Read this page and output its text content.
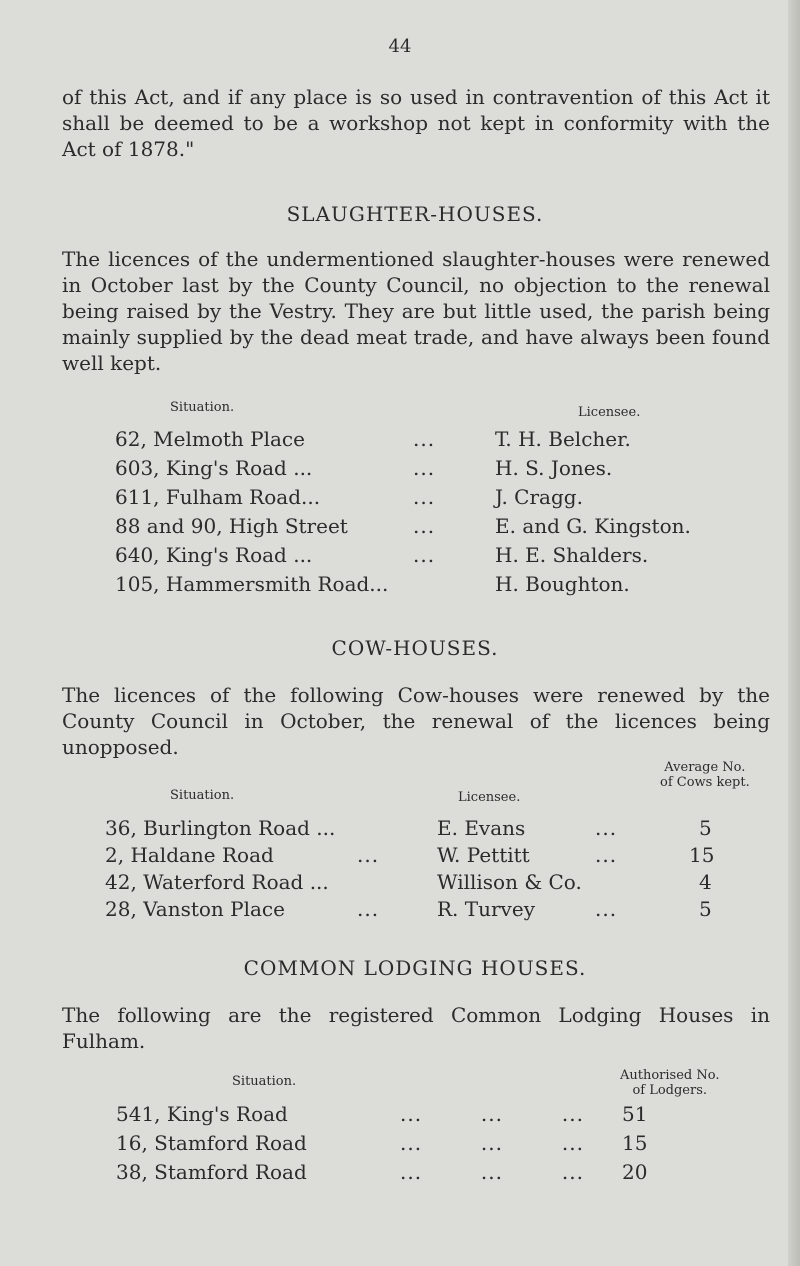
44

of this Act, and if any place is so used in contravention of this Act it shall be deemed to be a workshop not kept in conformity with the Act of 1878."

SLAUGHTER-HOUSES.

The licences of the undermentioned slaughter-houses were renewed in October last by the County Council, no objection to the renewal being raised by the Vestry. They are but little used, the parish being mainly supplied by the dead meat trade, and have always been found well kept.

Situation.	Licensee.
62, Melmoth Place	...	T. H. Belcher.
603, King's Road ...	...	H. S. Jones.
611, Fulham Road...	...	J. Cragg.
88 and 90, High Street	...	E. and G. Kingston.
640, King's Road ...	...	H. E. Shalders.
105, Hammersmith Road...	H. Boughton.
COW-HOUSES.

The licences of the following Cow-houses were renewed by the County Council in October, the renewal of the licences being unopposed.

Situation.	Licensee.
Average No.
of Cows kept.
36, Burlington Road ...	E. Evans	...	5
2, Haldane Road	...	W. Pettitt	...	15
42, Waterford Road ...	Willison & Co.	4
28, Vanston Place	...	R. Turvey	...	5
COMMON LODGING HOUSES.

The following are the registered Common Lodging Houses in Fulham.

Situation.	Authorised No.
of Lodgers.
541, King's Road	...        ...        ... 51
16, Stamford Road	...        ...        ... 15
38, Stamford Road	...        ...        ... 20
